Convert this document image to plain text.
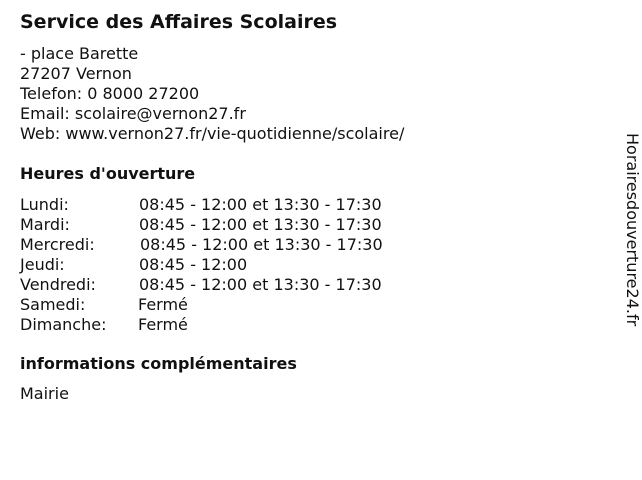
Service des Affaires Scolaires
- place Barette
27207 Vernon
Telefon: 0 8000 27200
Email: scolaire@vernon27.fr
Web: www.vernon27.fr/vie-quotidienne/scolaire/
Heures d'ouverture
Lundi:	08:45 - 12:00 et 13:30 - 17:30
Mardi:	08:45 - 12:00 et 13:30 - 17:30
Mercredi:	08:45 - 12:00 et 13:30 - 17:30
Jeudi:	08:45 - 12:00
Vendredi:	08:45 - 12:00 et 13:30 - 17:30
Samedi:	Fermé
Dimanche:	Fermé
informations complémentaires
Mairie
Horairesdouverture24.fr
